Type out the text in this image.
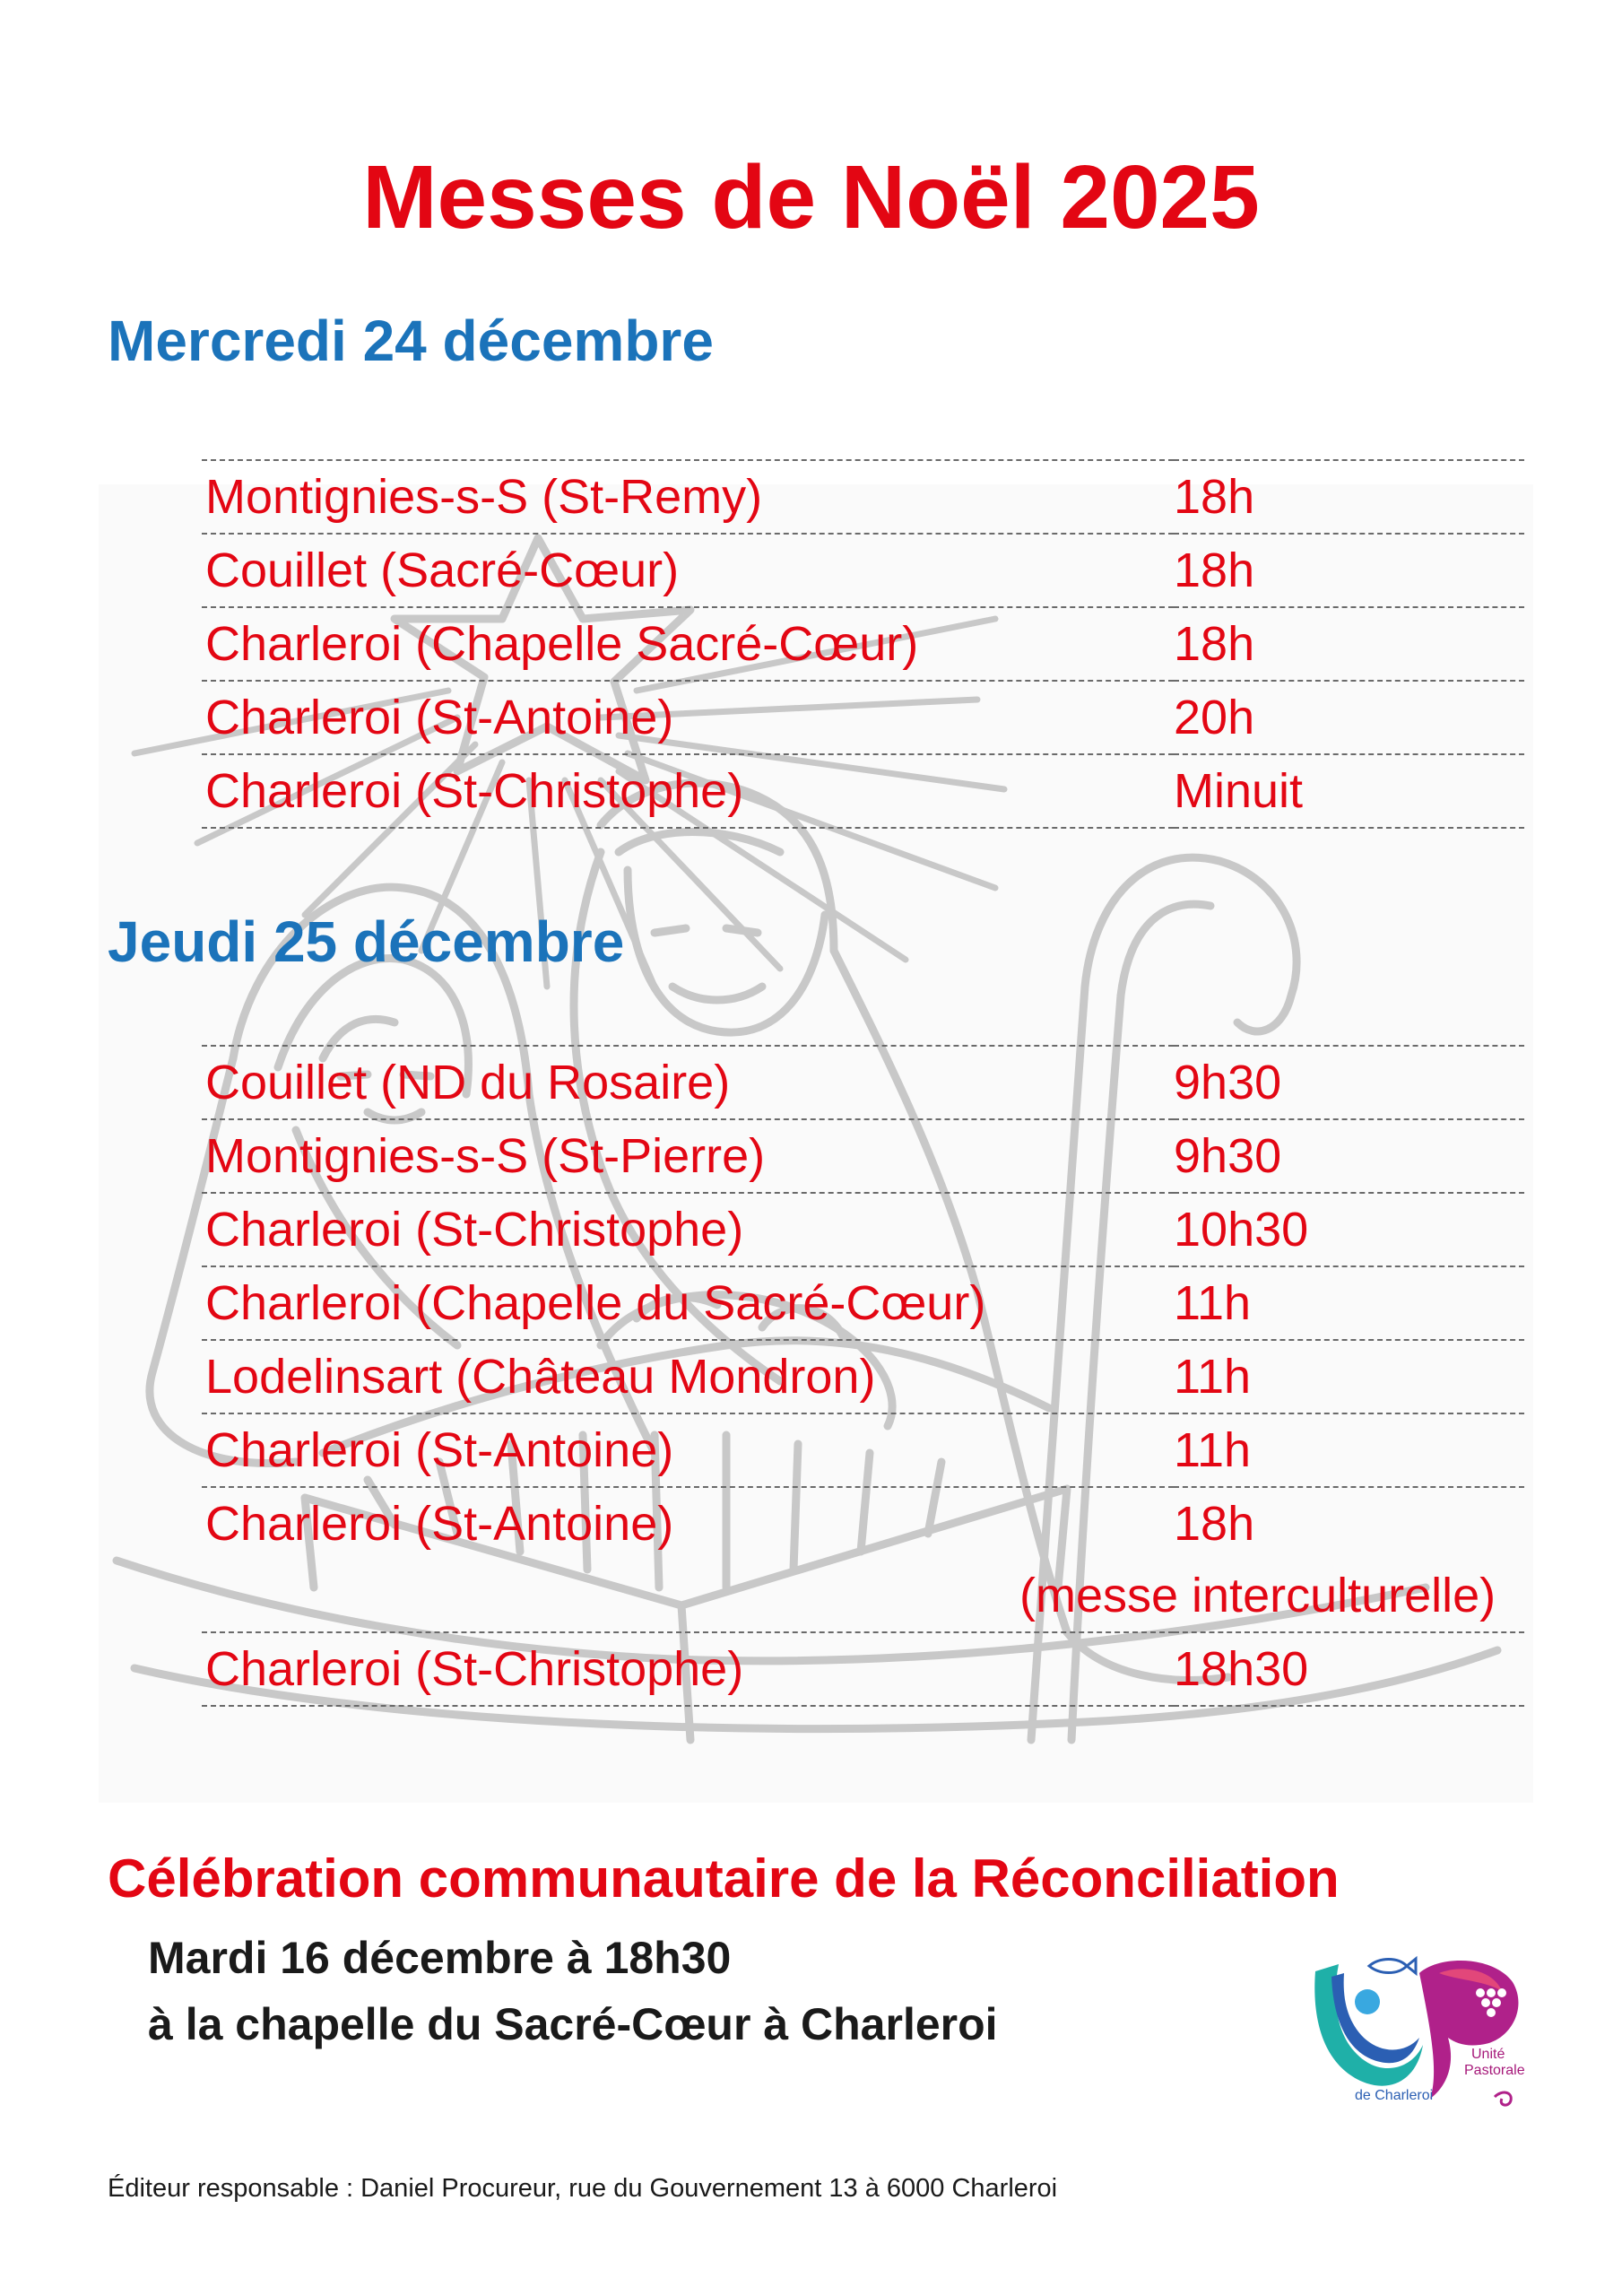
Messes de Noël 2025
Mercredi 24 décembre
Montignies-s-S (St-Remy)	18h
Couillet (Sacré-Cœur)	18h
Charleroi (Chapelle Sacré-Cœur)	18h
Charleroi (St-Antoine)	20h
Charleroi (St-Christophe)	Minuit
Jeudi 25 décembre
Couillet (ND du Rosaire)	9h30
Montignies-s-S (St-Pierre)	9h30
Charleroi (St-Christophe)	10h30
Charleroi (Chapelle du Sacré-Cœur)	11h
Lodelinsart (Château Mondron)	11h
Charleroi (St-Antoine)	11h
Charleroi (St-Antoine)	18h
(messe interculturelle)

Charleroi (St-Christophe)	18h30
Célébration communautaire de la Réconciliation

Mardi 16 décembre à 18h30

à la chapelle du Sacré-Cœur à Charleroi

Unité
Pastorale
de Charleroi

Éditeur responsable : Daniel Procureur, rue du Gouvernement 13 à 6000 Charleroi
